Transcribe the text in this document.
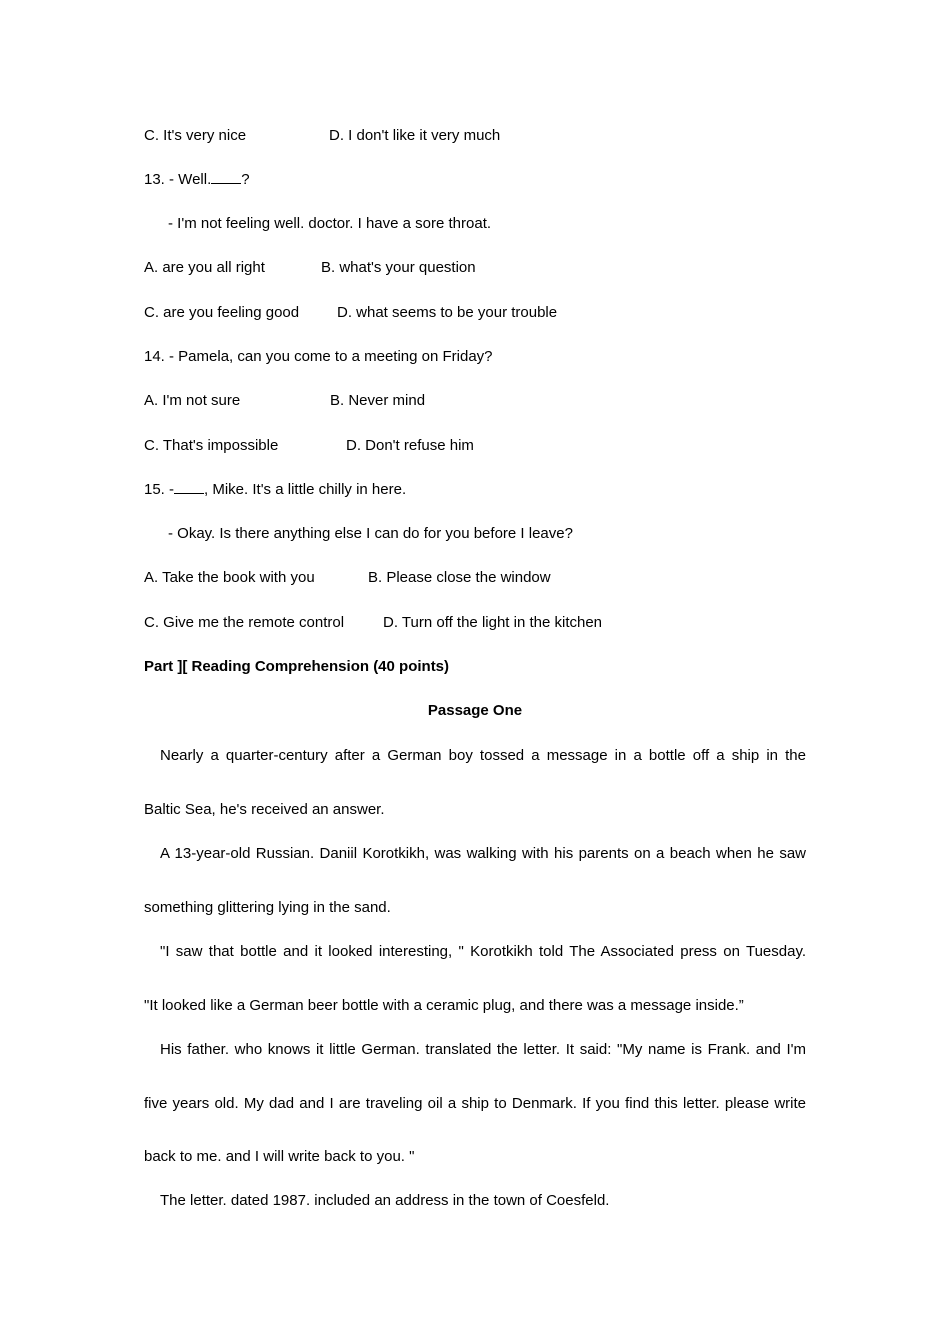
C. It's very nice	D. I don't like it very much
13. - Well. ?
- I'm not feeling well. doctor. I have a sore throat.
A. are you all right	B. what's your question
C. are you feeling good	D. what seems to be your trouble
14. - Pamela, can you come to a meeting on Friday?
A. I'm not sure	B. Never mind
C. That's impossible	D. Don't refuse him
15. - , Mike. It's a little chilly in here.
- Okay. Is there anything else I can do for you before I leave?
A. Take the book with you	B. Please close the window
C. Give me the remote control	D. Turn off the light in the kitchen
Part ][ Reading Comprehension (40 points)
Passage One
Nearly a quarter-century after a German boy tossed a message in a bottle off a ship in the
Baltic Sea, he's received an answer.
A 13-year-old Russian. Daniil Korotkikh, was walking with his parents on a beach when he saw
something glittering lying in the sand.
"I saw that bottle and it looked interesting, " Korotkikh told The Associated press on Tuesday.
"It looked like a German beer bottle with a ceramic plug, and there was a message inside.”
His father. who knows it little German. translated the letter. It said: "My name is Frank. and I'm
five years old. My dad and I are traveling oil a ship to Denmark. If you find this letter. please write
back to me. and I will write back to you. "
The letter. dated 1987. included an address in the town of Coesfeld.
